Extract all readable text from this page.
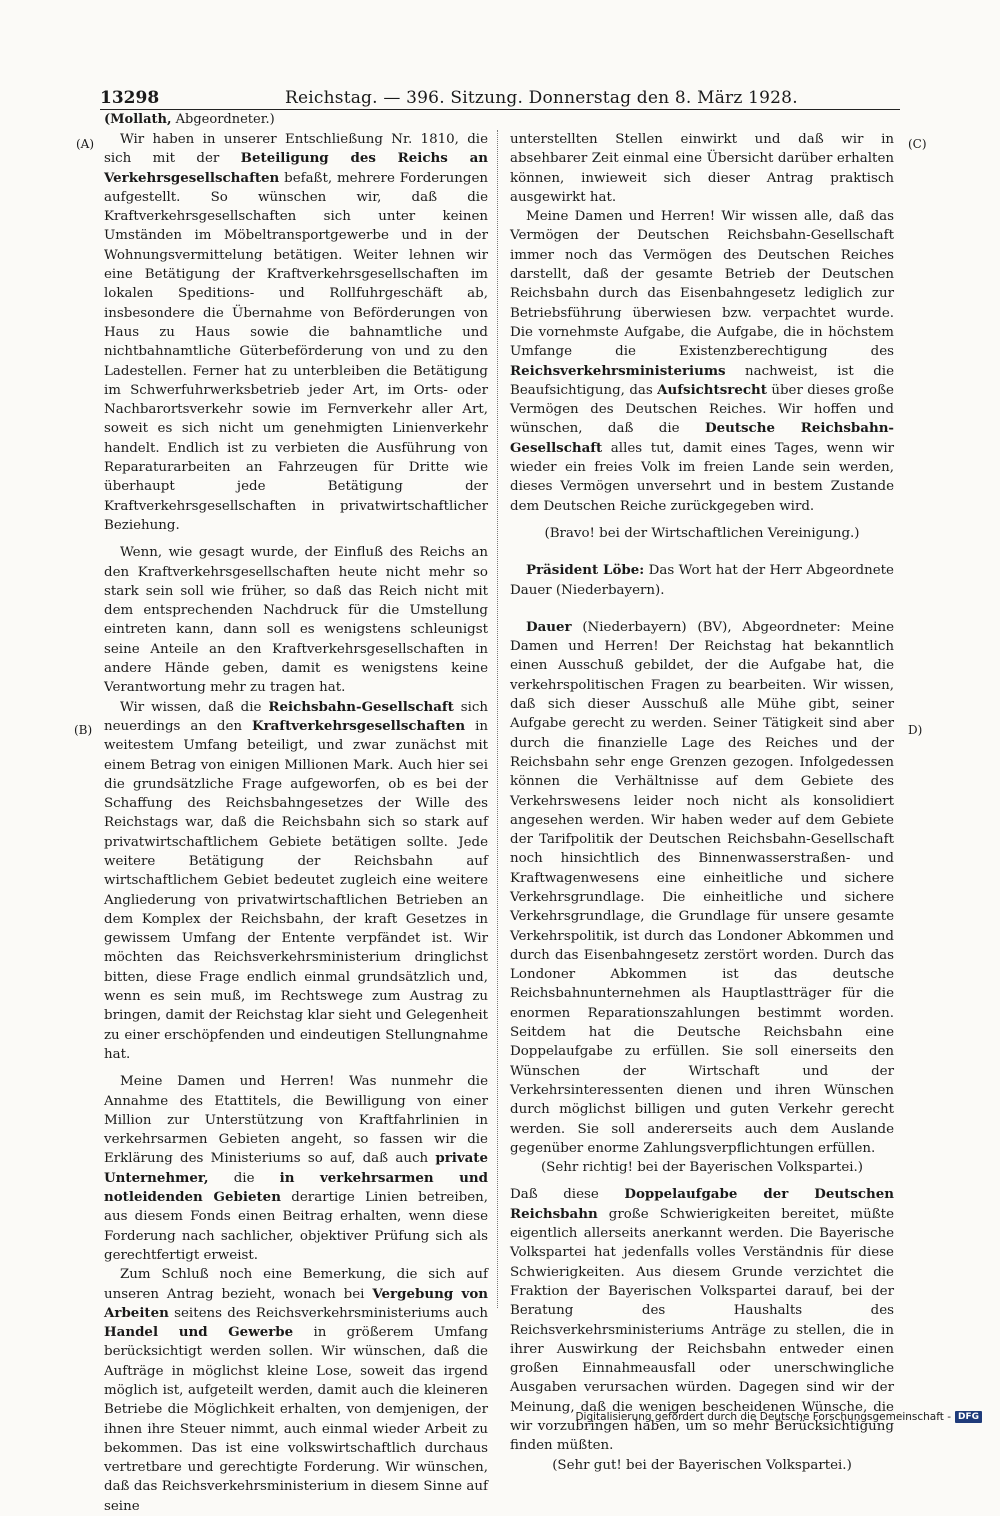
13298	Reichstag. — 396. Sitzung. Donnerstag den 8. März 1928.
(Mollath, Abgeordneter.)
(A)
(B)
(C)
D)

Wir haben in unserer Entschließung Nr. 1810, die sich mit der Beteiligung des Reichs an Verkehrsgesellschaften befaßt, mehrere Forderungen aufgestellt. So wünschen wir, daß die Kraftverkehrsgesellschaften sich unter keinen Umständen im Möbeltransportgewerbe und in der Wohnungsvermittelung betätigen. Weiter lehnen wir eine Betätigung der Kraftverkehrsgesellschaften im lokalen Speditions- und Rollfuhrgeschäft ab, insbesondere die Übernahme von Beförderungen von Haus zu Haus sowie die bahnamtliche und nichtbahnamtliche Güterbeförderung von und zu den Ladestellen. Ferner hat zu unterbleiben die Betätigung im Schwerfuhrwerksbetrieb jeder Art, im Orts- oder Nachbarortsverkehr sowie im Fernverkehr aller Art, soweit es sich nicht um genehmigten Linienverkehr handelt. Endlich ist zu verbieten die Ausführung von Reparaturarbeiten an Fahrzeugen für Dritte wie überhaupt jede Betätigung der Kraftverkehrsgesellschaften in privatwirtschaftlicher Beziehung.

Wenn, wie gesagt wurde, der Einfluß des Reichs an den Kraftverkehrsgesellschaften heute nicht mehr so stark sein soll wie früher, so daß das Reich nicht mit dem entsprechenden Nachdruck für die Umstellung eintreten kann, dann soll es wenigstens schleunigst seine Anteile an den Kraftverkehrsgesellschaften in andere Hände geben, damit es wenigstens keine Verantwortung mehr zu tragen hat.

Wir wissen, daß die Reichsbahn-Gesellschaft sich neuerdings an den Kraftverkehrsgesellschaften in weitestem Umfang beteiligt, und zwar zunächst mit einem Betrag von einigen Millionen Mark. Auch hier sei die grundsätzliche Frage aufgeworfen, ob es bei der Schaffung des Reichsbahngesetzes der Wille des Reichstags war, daß die Reichsbahn sich so stark auf privatwirtschaftlichem Gebiete betätigen sollte. Jede weitere Betätigung der Reichsbahn auf wirtschaftlichem Gebiet bedeutet zugleich eine weitere Angliederung von privatwirtschaftlichen Betrieben an dem Komplex der Reichsbahn, der kraft Gesetzes in gewissem Umfang der Entente verpfändet ist. Wir möchten das Reichsverkehrsministerium dringlichst bitten, diese Frage endlich einmal grundsätzlich und, wenn es sein muß, im Rechtswege zum Austrag zu bringen, damit der Reichstag klar sieht und Gelegenheit zu einer erschöpfenden und eindeutigen Stellungnahme hat.

Meine Damen und Herren! Was nunmehr die Annahme des Etattitels, die Bewilligung von einer Million zur Unterstützung von Kraftfahrlinien in verkehrsarmen Gebieten angeht, so fassen wir die Erklärung des Ministeriums so auf, daß auch private Unternehmer, die in verkehrsarmen und notleidenden Gebieten derartige Linien betreiben, aus diesem Fonds einen Beitrag erhalten, wenn diese Forderung nach sachlicher, objektiver Prüfung sich als gerechtfertigt erweist.

Zum Schluß noch eine Bemerkung, die sich auf unseren Antrag bezieht, wonach bei Vergebung von Arbeiten seitens des Reichsverkehrsministeriums auch Handel und Gewerbe in größerem Umfang berücksichtigt werden sollen. Wir wünschen, daß die Aufträge in möglichst kleine Lose, soweit das irgend möglich ist, aufgeteilt werden, damit auch die kleineren Betriebe die Möglichkeit erhalten, von demjenigen, der ihnen ihre Steuer nimmt, auch einmal wieder Arbeit zu bekommen. Das ist eine volkswirtschaftlich durchaus vertretbare und gerechtigte Forderung. Wir wünschen, daß das Reichsverkehrsministerium in diesem Sinne auf seine

unterstellten Stellen einwirkt und daß wir in absehbarer Zeit einmal eine Übersicht darüber erhalten können, inwieweit sich dieser Antrag praktisch ausgewirkt hat.

Meine Damen und Herren! Wir wissen alle, daß das Vermögen der Deutschen Reichsbahn-Gesellschaft immer noch das Vermögen des Deutschen Reiches darstellt, daß der gesamte Betrieb der Deutschen Reichsbahn durch das Eisenbahngesetz lediglich zur Betriebsführung überwiesen bzw. verpachtet wurde. Die vornehmste Aufgabe, die Aufgabe, die in höchstem Umfange die Existenzberechtigung des Reichsverkehrsministeriums nachweist, ist die Beaufsichtigung, das Aufsichtsrecht über dieses große Vermögen des Deutschen Reiches. Wir hoffen und wünschen, daß die Deutsche Reichsbahn-Gesellschaft alles tut, damit eines Tages, wenn wir wieder ein freies Volk im freien Lande sein werden, dieses Vermögen unversehrt und in bestem Zustande dem Deutschen Reiche zurückgegeben wird.

(Bravo! bei der Wirtschaftlichen Vereinigung.)

Präsident Löbe: Das Wort hat der Herr Abgeordnete Dauer (Niederbayern).

Dauer (Niederbayern) (BV), Abgeordneter: Meine Damen und Herren! Der Reichstag hat bekanntlich einen Ausschuß gebildet, der die Aufgabe hat, die verkehrspolitischen Fragen zu bearbeiten. Wir wissen, daß sich dieser Ausschuß alle Mühe gibt, seiner Aufgabe gerecht zu werden. Seiner Tätigkeit sind aber durch die finanzielle Lage des Reiches und der Reichsbahn sehr enge Grenzen gezogen. Infolgedessen können die Verhältnisse auf dem Gebiete des Verkehrswesens leider noch nicht als konsolidiert angesehen werden. Wir haben weder auf dem Gebiete der Tarifpolitik der Deutschen Reichsbahn-Gesellschaft noch hinsichtlich des Binnenwasserstraßen- und Kraftwagenwesens eine einheitliche und sichere Verkehrsgrundlage. Die einheitliche und sichere Verkehrsgrundlage, die Grundlage für unsere gesamte Verkehrspolitik, ist durch das Londoner Abkommen und durch das Eisenbahngesetz zerstört worden. Durch das Londoner Abkommen ist das deutsche Reichsbahnunternehmen als Hauptlastträger für die enormen Reparationszahlungen bestimmt worden. Seitdem hat die Deutsche Reichsbahn eine Doppelaufgabe zu erfüllen. Sie soll einerseits den Wünschen der Wirtschaft und der Verkehrsinteressenten dienen und ihren Wünschen durch möglichst billigen und guten Verkehr gerecht werden. Sie soll andererseits auch dem Auslande gegenüber enorme Zahlungsverpflichtungen erfüllen.

(Sehr richtig! bei der Bayerischen Volkspartei.)

Daß diese Doppelaufgabe der Deutschen Reichsbahn große Schwierigkeiten bereitet, müßte eigentlich allerseits anerkannt werden. Die Bayerische Volkspartei hat jedenfalls volles Verständnis für diese Schwierigkeiten. Aus diesem Grunde verzichtet die Fraktion der Bayerischen Volkspartei darauf, bei der Beratung des Haushalts des Reichsverkehrsministeriums Anträge zu stellen, die in ihrer Auswirkung der Reichsbahn entweder einen großen Einnahmeausfall oder unerschwingliche Ausgaben verursachen würden. Dagegen sind wir der Meinung, daß die wenigen bescheidenen Wünsche, die wir vorzubringen haben, um so mehr Berücksichtigung finden müßten.

(Sehr gut! bei der Bayerischen Volkspartei.)

Digitalisierung gefördert durch die Deutsche Forschungsgemeinschaft - DFG
